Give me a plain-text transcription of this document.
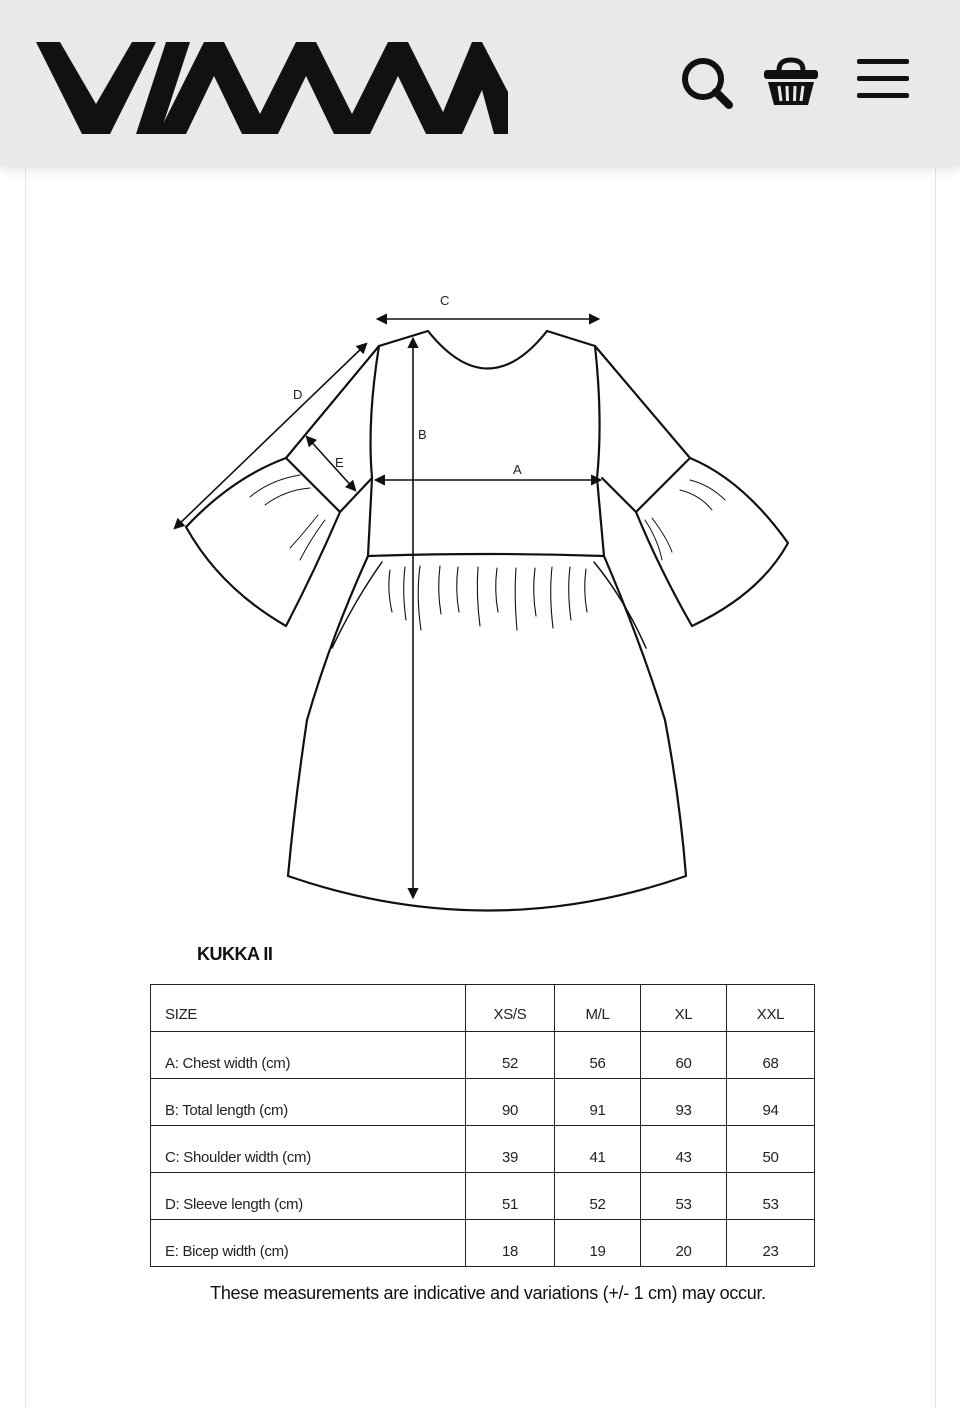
C
B
A
D
E
KUKKA II
SIZE	XS/S	M/L	XL	XXL
A: Chest width (cm)	52	56	60	68
B: Total length (cm)	90	91	93	94
C: Shoulder width (cm)	39	41	43	50
D: Sleeve length (cm)	51	52	53	53
E: Bicep width (cm)	18	19	20	23
These measurements are indicative and variations (+/- 1 cm) may occur.
